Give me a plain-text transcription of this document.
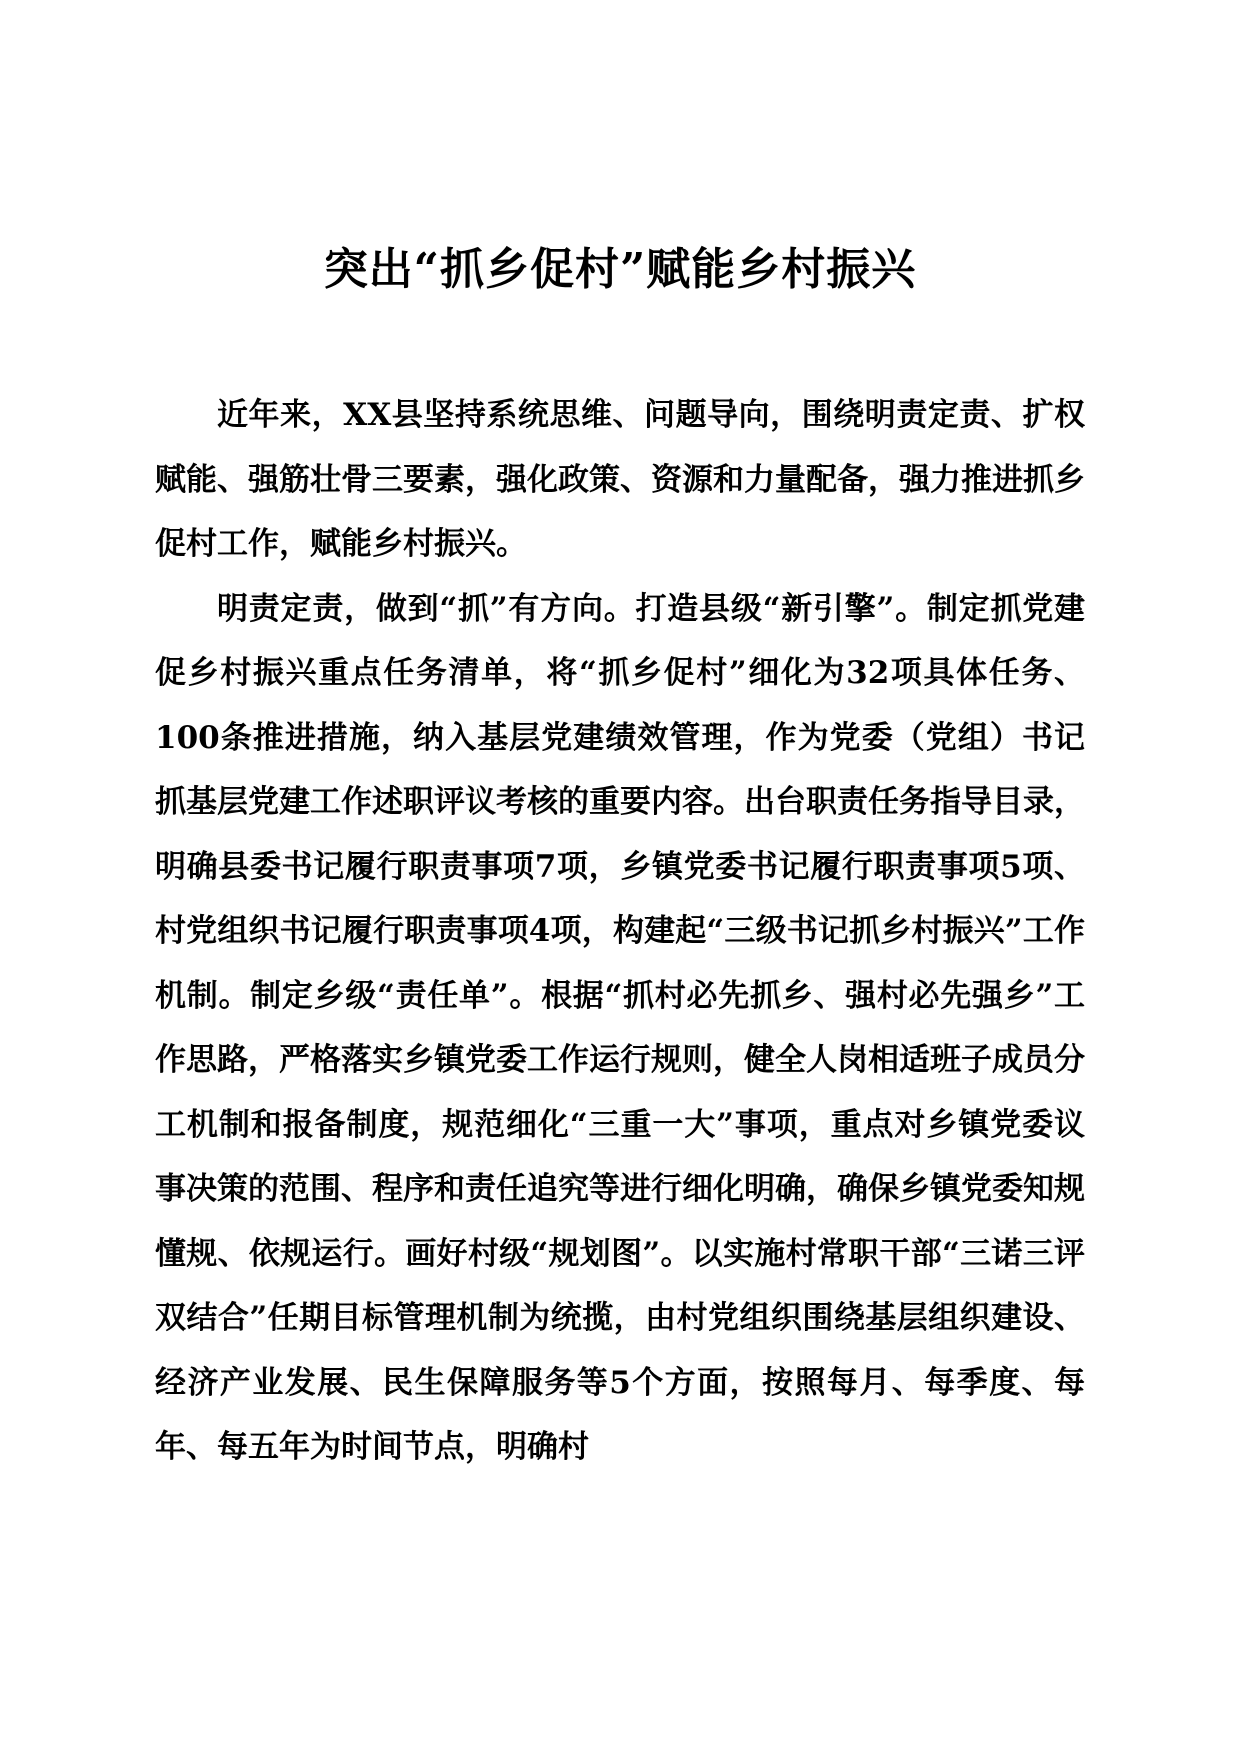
突出“抓乡促村”赋能乡村振兴

近年来，XX县坚持系统思维、问题导向，围绕明责定责、扩权赋能、强筋壮骨三要素，强化政策、资源和力量配备，强力推进抓乡促村工作，赋能乡村振兴。

明责定责，做到“抓”有方向。打造县级“新引擎”。制定抓党建促乡村振兴重点任务清单，将“抓乡促村”细化为32项具体任务、100条推进措施，纳入基层党建绩效管理，作为党委（党组）书记抓基层党建工作述职评议考核的重要内容。出台职责任务指导目录，明确县委书记履行职责事项7项，乡镇党委书记履行职责事项5项、村党组织书记履行职责事项4项，构建起“三级书记抓乡村振兴”工作机制。制定乡级“责任单”。根据“抓村必先抓乡、强村必先强乡”工作思路，严格落实乡镇党委工作运行规则，健全人岗相适班子成员分工机制和报备制度，规范细化“三重一大”事项，重点对乡镇党委议事决策的范围、程序和责任追究等进行细化明确，确保乡镇党委知规懂规、依规运行。画好村级“规划图”。以实施村常职干部“三诺三评双结合”任期目标管理机制为统揽，由村党组织围绕基层组织建设、经济产业发展、民生保障服务等5个方面，按照每月、每季度、每年、每五年为时间节点，明确村
